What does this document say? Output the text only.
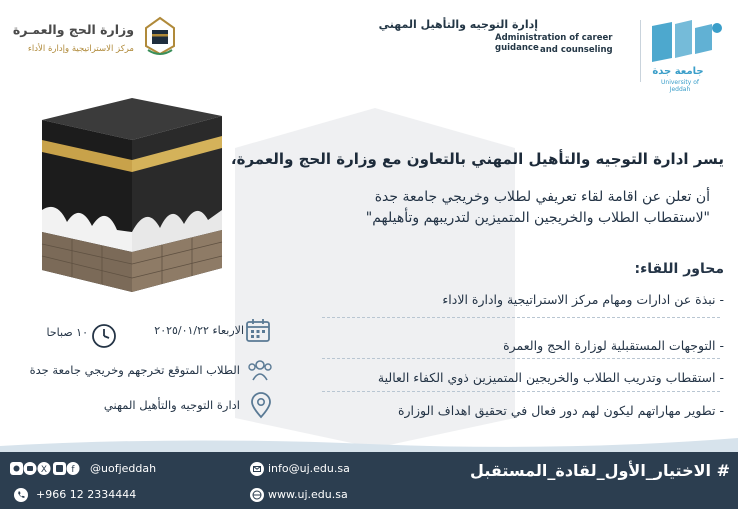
إدارة التوجيه والتأهيل المهني
Administration of career guidance and counseling
جامعة جدة
University of Jeddah
وزارة الحج والعمـرة
مركز الاستراتيجية وإدارة الأداء
يسر ادارة التوجيه والتأهيل المهني بالتعاون مع وزارة الحج والعمرة،
أن تعلن عن اقامة لقاء تعريفي لطلاب وخريجي جامعة جدة
"لاستقطاب الطلاب والخريجين المتميزين لتدريبهم وتأهيلهم"
محاور اللقاء:
- نبذة عن ادارات ومهام مركز الاستراتيجية وادارة الاداء
- التوجهات المستقبلية لوزارة الحج والعمرة
- استقطاب وتدريب الطلاب والخريجين المتميزين ذوي الكفاء العالية
- تطوير مهاراتهم ليكون لهم دور فعال في تحقيق اهداف الوزارة
الاربعاء ٢٠٢٥/٠١/٢٢
١٠ صباحا
الطلاب المتوقع تخرجهم وخريجي جامعة جدة
ادارة التوجيه والتأهيل المهني
# الاختيار_الأول_لقادة_المستقبل
X	f @uofjeddah
+966 12 2334444
info@uj.edu.sa
www.uj.edu.sa
